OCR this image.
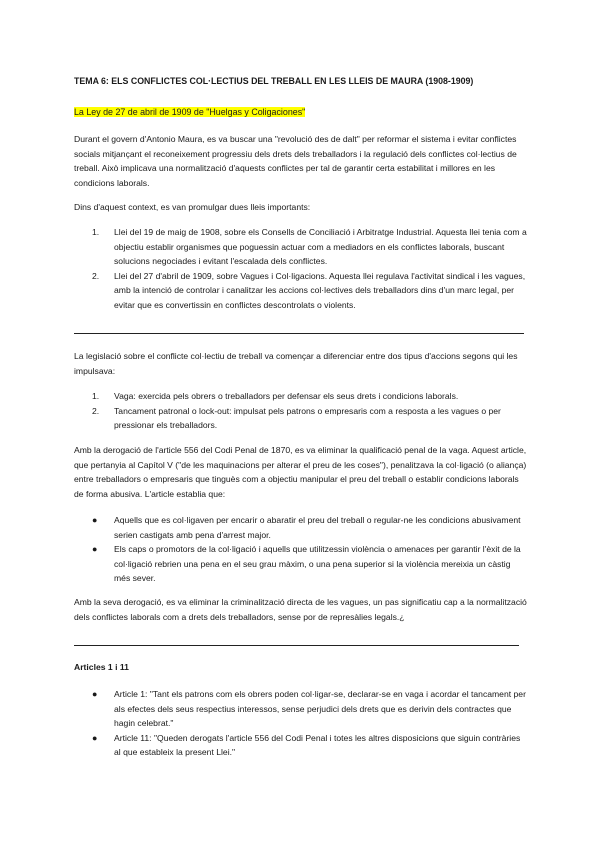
TEMA 6: ELS CONFLICTES COL·LECTIUS DEL TREBALL EN LES LLEIS DE MAURA (1908-1909)

La Ley de 27 de abril de 1909 de "Huelgas y Coligaciones"

Durant el govern d'Antonio Maura, es va buscar una "revolució des de dalt" per reformar el sistema i evitar conflictes socials mitjançant el reconeixement progressiu dels drets dels treballadors i la regulació dels conflictes col·lectius de treball. Això implicava una normalització d'aquests conflictes per tal de garantir certa estabilitat i millores en les condicions laborals.

Dins d'aquest context, es van promulgar dues lleis importants:

1. Llei del 19 de maig de 1908, sobre els Consells de Conciliació i Arbitratge Industrial. Aquesta llei tenia com a objectiu establir organismes que poguessin actuar com a mediadors en els conflictes laborals, buscant solucions negociades i evitant l'escalada dels conflictes.
2. Llei del 27 d'abril de 1909, sobre Vagues i Col·ligacions. Aquesta llei regulava l'activitat sindical i les vagues, amb la intenció de controlar i canalitzar les accions col·lectives dels treballadors dins d'un marc legal, per evitar que es convertissin en conflictes descontrolats o violents.

La legislació sobre el conflicte col·lectiu de treball va començar a diferenciar entre dos tipus d'accions segons qui les impulsava:

1. Vaga: exercida pels obrers o treballadors per defensar els seus drets i condicions laborals.
2. Tancament patronal o lock-out: impulsat pels patrons o empresaris com a resposta a les vagues o per pressionar els treballadors.

Amb la derogació de l'article 556 del Codi Penal de 1870, es va eliminar la qualificació penal de la vaga. Aquest article, que pertanyia al Capítol V ("de les maquinacions per alterar el preu de les coses"), penalitzava la col·ligació (o aliança) entre treballadors o empresaris que tinguès com a objectiu manipular el preu del treball o establir condicions laborals de forma abusiva. L'article establia que:

● Aquells que es col·ligaven per encarir o abaratir el preu del treball o regular-ne les condicions abusivament serien castigats amb pena d'arrest major.
● Els caps o promotors de la col·ligació i aquells que utilitzessin violència o amenaces per garantir l'èxit de la col·ligació rebrien una pena en el seu grau màxim, o una pena superior si la violència mereixia un càstig més sever.

Amb la seva derogació, es va eliminar la criminalització directa de les vagues, un pas significatiu cap a la normalització dels conflictes laborals com a drets dels treballadors, sense por de represàlies legals.¿

Articles 1 i 11

● Article 1: "Tant els patrons com els obrers poden col·ligar-se, declarar-se en vaga i acordar el tancament per als efectes dels seus respectius interessos, sense perjudici dels drets que es derivin dels contractes que hagin celebrat."
● Article 11: "Queden derogats l'article 556 del Codi Penal i totes les altres disposicions que siguin contràries al que estableix la present Llei."
